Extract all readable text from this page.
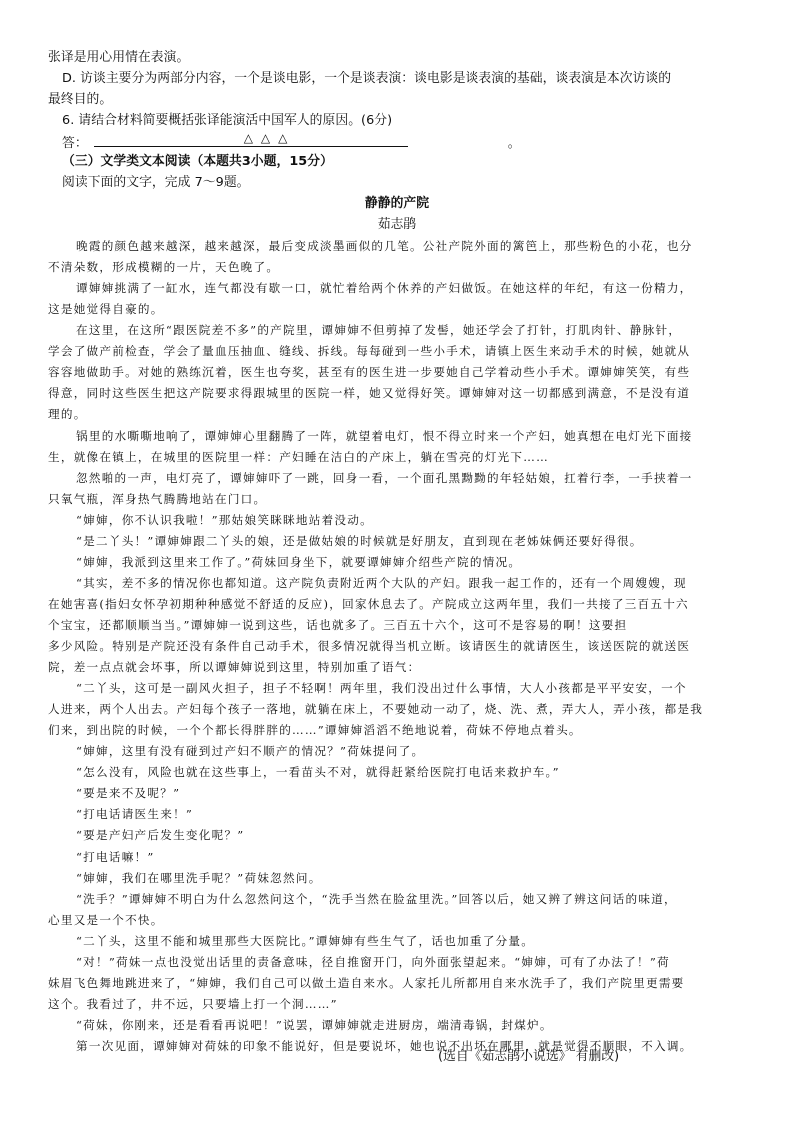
张译是用心用情在表演。
D. 访谈主要分为两部分内容，一个是谈电影，一个是谈表演：谈电影是谈表演的基础，谈表演是本次访谈的
最终目的。
6. 请结合材料简要概括张译能演活中国军人的原因。(6分)
答：	△△△	。
（三）文学类文本阅读（本题共3小题，15分）
阅读下面的文字，完成 7～9题。
静静的产院
茹志鹃
晚霞的颜色越来越深，越来越深，最后变成淡墨画似的几笔。公社产院外面的篱笆上，那些粉色的小花，也分
不清朵数，形成模糊的一片，天色晚了。
谭婶婶挑满了一缸水，连气都没有歇一口，就忙着给两个休养的产妇做饭。在她这样的年纪，有这一份精力，
这是她觉得自豪的。
在这里，在这所“跟医院差不多”的产院里，谭婶婶不但剪掉了发髻，她还学会了打针，打肌肉针、静脉针，
学会了做产前检查，学会了量血压抽血、缝线、拆线。每每碰到一些小手术，请镇上医生来动手术的时候，她就从
容容地做助手。对她的熟练沉着，医生也夸奖，甚至有的医生进一步要她自己学着动些小手术。谭婶婶笑笑，有些
得意，同时这些医生把这产院要求得跟城里的医院一样，她又觉得好笑。谭婶婶对这一切都感到满意，不是没有道
理的。
锅里的水嘶嘶地响了，谭婶婶心里翻腾了一阵，就望着电灯，恨不得立时来一个产妇，她真想在电灯光下面接
生，就像在镇上，在城里的医院里一样：产妇睡在洁白的产床上，躺在雪亮的灯光下……
忽然啪的一声，电灯亮了，谭婶婶吓了一跳，回身一看，一个面孔黑黝黝的年轻姑娘，扛着行李，一手挟着一
只氧气瓶，浑身热气腾腾地站在门口。
“婶婶，你不认识我啦！”那姑娘笑眯眯地站着没动。
“是二丫头！”谭婶婶跟二丫头的娘，还是做姑娘的时候就是好朋友，直到现在老姊妹俩还要好得很。
“婶婶，我派到这里来工作了。”荷妹回身坐下，就要谭婶婶介绍些产院的情况。
“其实，差不多的情况你也都知道。这产院负责附近两个大队的产妇。跟我一起工作的，还有一个周嫂嫂，现
在她害喜(指妇女怀孕初期种种感觉不舒适的反应)，回家休息去了。产院成立这两年里，我们一共接了三百五十六
个宝宝，还都顺顺当当。”谭婶婶一说到这些，话也就多了。三百五十六个，这可不是容易的啊！这要担
多少风险。特别是产院还没有条件自己动手术，很多情况就得当机立断。该请医生的就请医生，该送医院的就送医
院，差一点点就会坏事，所以谭婶婶说到这里，特别加重了语气：
“二丫头，这可是一副风火担子，担子不轻啊！两年里，我们没出过什么事情，大人小孩都是平平安安，一个
人进来，两个人出去。产妇每个孩子一落地，就躺在床上，不要她动一动了，烧、洗、煮，弄大人，弄小孩，都是我
们来，到出院的时候，一个个都长得胖胖的……”谭婶婶滔滔不绝地说着，荷妹不停地点着头。
“婶婶，这里有没有碰到过产妇不顺产的情况？”荷妹提问了。
“怎么没有，风险也就在这些事上，一看苗头不对，就得赶紧给医院打电话来救护车。”
“要是来不及呢？”
“打电话请医生来！”
“要是产妇产后发生变化呢？”
“打电话嘛！”
“婶婶，我们在哪里洗手呢？”荷妹忽然问。
“洗手？”谭婶婶不明白为什么忽然问这个，“洗手当然在脸盆里洗。”回答以后，她又辨了辨这问话的味道，
心里又是一个不快。
“二丫头，这里不能和城里那些大医院比。”谭婶婶有些生气了，话也加重了分量。
“对！”荷妹一点也没觉出话里的责备意味，径自推窗开门，向外面张望起来。“婶婶，可有了办法了！”荷
妹眉飞色舞地跳进来了，“婶婶，我们自己可以做土造自来水。人家托儿所都用自来水洗手了，我们产院里更需要
这个。我看过了，井不远，只要墙上打一个洞……”
“荷妹，你刚来，还是看看再说吧！”说罢，谭婶婶就走进厨房，端清毒锅，封煤炉。
第一次见面，谭婶婶对荷妹的印象不能说好，但是要说坏，她也说不出坏在哪里，就是觉得不顺眼，不入调。
(选自《茹志鹃小说选》 有删改)
